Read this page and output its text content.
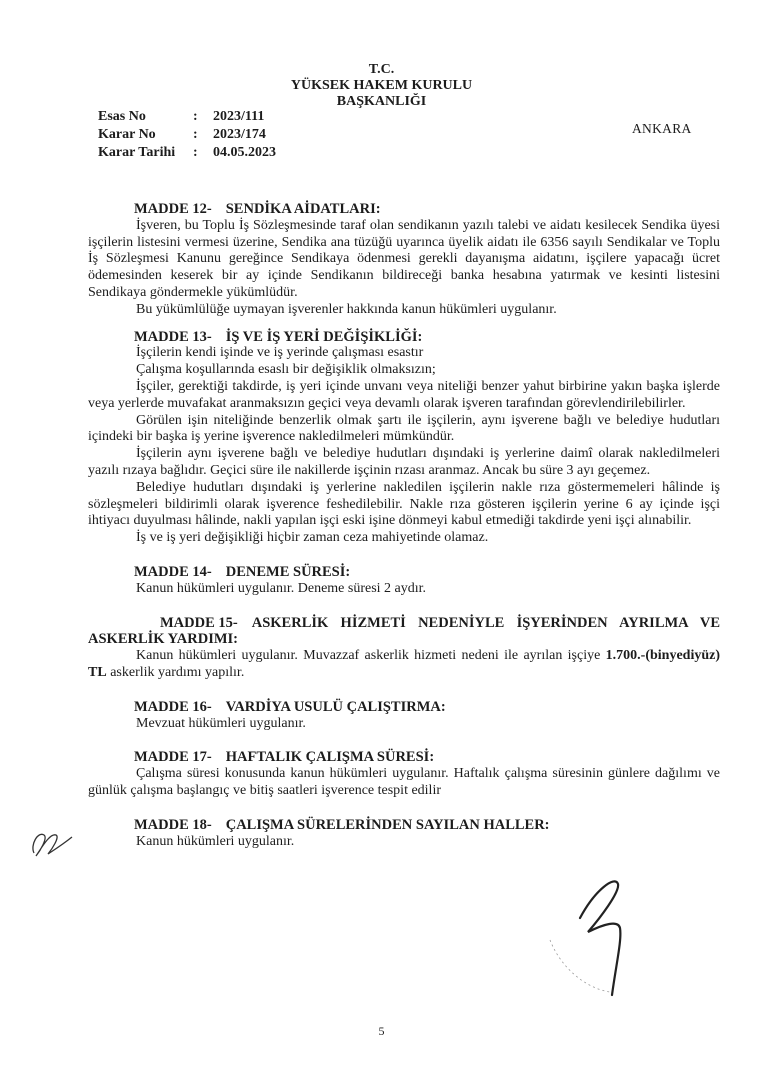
T.C.
YÜKSEK HAKEM KURULU
BAŞKANLIĞI
Esas No	:	2023/111
Karar No	:	2023/174
Karar Tarihi	:	04.05.2023
ANKARA
MADDE 12- SENDİKA AİDATLARI:
İşveren, bu Toplu İş Sözleşmesinde taraf olan sendikanın yazılı talebi ve aidatı kesilecek Sendika üyesi işçilerin listesini vermesi üzerine, Sendika ana tüzüğü uyarınca üyelik aidatı ile 6356 sayılı Sendikalar ve Toplu İş Sözleşmesi Kanunu gereğince Sendikaya ödenmesi gerekli dayanışma aidatını, işçilere yapacağı ücret ödemesinden keserek bir ay içinde Sendikanın bildireceği banka hesabına yatırmak ve kesinti listesini Sendikaya göndermekle yükümlüdür.
Bu yükümlülüğe uymayan işverenler hakkında kanun hükümleri uygulanır.
MADDE 13- İŞ VE İŞ YERİ DEĞİŞİKLİĞİ:
İşçilerin kendi işinde ve iş yerinde çalışması esastır
Çalışma koşullarında esaslı bir değişiklik olmaksızın;
İşçiler, gerektiği takdirde, iş yeri içinde unvanı veya niteliği benzer yahut birbirine yakın başka işlerde veya yerlerde muvafakat aranmaksızın geçici veya devamlı olarak işveren tarafından görevlendirilebilirler.
Görülen işin niteliğinde benzerlik olmak şartı ile işçilerin, aynı işverene bağlı ve belediye hudutları içindeki bir başka iş yerine işverence nakledilmeleri mümkündür.
İşçilerin aynı işverene bağlı ve belediye hudutları dışındaki iş yerlerine daimî olarak nakledilmeleri yazılı rızaya bağlıdır. Geçici süre ile nakillerde işçinin rızası aranmaz. Ancak bu süre 3 ayı geçemez.
Belediye hudutları dışındaki iş yerlerine nakledilen işçilerin nakle rıza göstermemeleri hâlinde iş sözleşmeleri bildirimli olarak işverence feshedilebilir. Nakle rıza gösteren işçilerin yerine 6 ay içinde işçi ihtiyacı duyulması hâlinde, nakli yapılan işçi eski işine dönmeyi kabul etmediği takdirde yeni işçi alınabilir.
İş ve iş yeri değişikliği hiçbir zaman ceza mahiyetinde olamaz.
MADDE 14- DENEME SÜRESİ:
Kanun hükümleri uygulanır. Deneme süresi 2 aydır.
MADDE 15- ASKERLİK HİZMETİ NEDENİYLE İŞYERİNDEN AYRILMA VE ASKERLİK YARDIMI:
Kanun hükümleri uygulanır. Muvazzaf askerlik hizmeti nedeni ile ayrılan işçiye 1.700.-(binyediyüz) TL askerlik yardımı yapılır.
MADDE 16- VARDİYA USULÜ ÇALIŞTIRMA:
Mevzuat hükümleri uygulanır.
MADDE 17- HAFTALIK ÇALIŞMA SÜRESİ:
Çalışma süresi konusunda kanun hükümleri uygulanır. Haftalık çalışma süresinin günlere dağılımı ve günlük çalışma başlangıç ve bitiş saatleri işverence tespit edilir
MADDE 18- ÇALIŞMA SÜRELERİNDEN SAYILAN HALLER:
Kanun hükümleri uygulanır.
5
